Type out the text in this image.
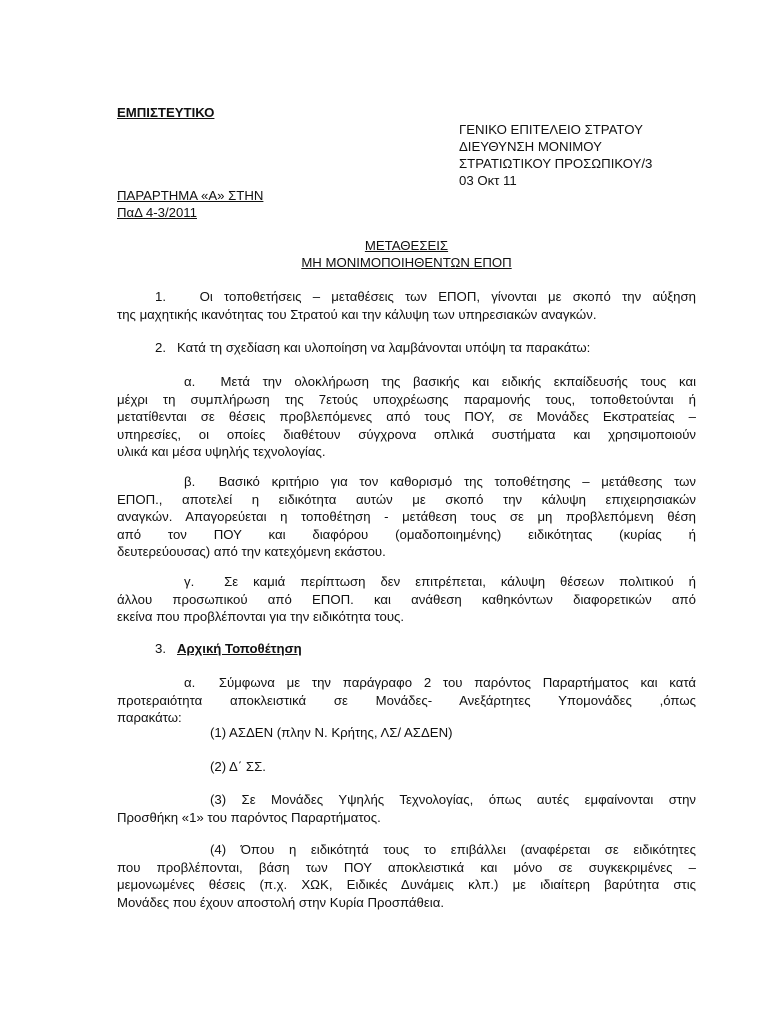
ΕΜΠΙΣΤΕΥΤΙΚΟ
ΓΕΝΙΚΟ ΕΠΙΤΕΛΕΙΟ ΣΤΡΑΤΟΥ
ΔΙΕΥΘΥΝΣΗ ΜΟΝΙΜΟΥ
ΣΤΡΑΤΙΩΤΙΚΟΥ ΠΡΟΣΩΠΙΚΟΥ/3
03 Οκτ 11
ΠΑΡΑΡΤΗΜΑ «Α» ΣΤΗΝ
ΠαΔ 4-3/2011
ΜΕΤΑΘΕΣΕΙΣ
ΜΗ ΜΟΝΙΜΟΠΟΙΗΘΕΝΤΩΝ ΕΠΟΠ
1.	Οι τοποθετήσεις – μεταθέσεις των ΕΠΟΠ, γίνονται με σκοπό την αύξηση
της μαχητικής ικανότητας του Στρατού και την κάλυψη των υπηρεσιακών αναγκών.
2. Κατά τη σχεδίαση και υλοποίηση να λαμβάνονται υπόψη τα παρακάτω:
α. Μετά την ολοκλήρωση της βασικής και ειδικής εκπαίδευσής τους και
μέχρι τη συμπλήρωση της 7ετούς υποχρέωσης παραμονής τους, τοποθετούνται ή
μετατίθενται σε θέσεις προβλεπόμενες από τους ΠΟΥ, σε Μονάδες Εκστρατείας –
υπηρεσίες, οι οποίες διαθέτουν σύγχρονα οπλικά συστήματα και χρησιμοποιούν
υλικά και μέσα υψηλής τεχνολογίας.
β. Βασικό κριτήριο για τον καθορισμό της τοποθέτησης – μετάθεσης των
ΕΠΟΠ., αποτελεί η ειδικότητα αυτών με σκοπό την κάλυψη επιχειρησιακών
αναγκών. Απαγορεύεται η τοποθέτηση - μετάθεση τους σε μη προβλεπόμενη θέση
από τον ΠΟΥ και διαφόρου (ομαδοποιημένης) ειδικότητας (κυρίας ή
δευτερεύουσας) από την κατεχόμενη εκάστου.
γ. Σε καμιά περίπτωση δεν επιτρέπεται, κάλυψη θέσεων πολιτικού ή
άλλου προσωπικού από ΕΠΟΠ. και ανάθεση καθηκόντων διαφορετικών από
εκείνα που προβλέπονται για την ειδικότητα τους.
3. Αρχική Τοποθέτηση
α. Σύμφωνα με την παράγραφο 2 του παρόντος Παραρτήματος και κατά
προτεραιότητα αποκλειστικά σε Μονάδες- Ανεξάρτητες Υπομονάδες ,όπως
παρακάτω:
(1) ΑΣΔΕΝ (πλην Ν. Κρήτης, ΛΣ/ ΑΣΔΕΝ)
(2) Δ΄ ΣΣ.
(3) Σε Μονάδες Υψηλής Τεχνολογίας, όπως αυτές εμφαίνονται στην
Προσθήκη «1» του παρόντος Παραρτήματος.
(4) Όπου η ειδικότητά τους το επιβάλλει (αναφέρεται σε ειδικότητες
που προβλέπονται, βάση των ΠΟΥ αποκλειστικά και μόνο σε συγκεκριμένες –
μεμονωμένες θέσεις (π.χ. ΧΩΚ, Ειδικές Δυνάμεις κλπ.) με ιδιαίτερη βαρύτητα στις
Μονάδες που έχουν αποστολή στην Κυρία Προσπάθεια.
